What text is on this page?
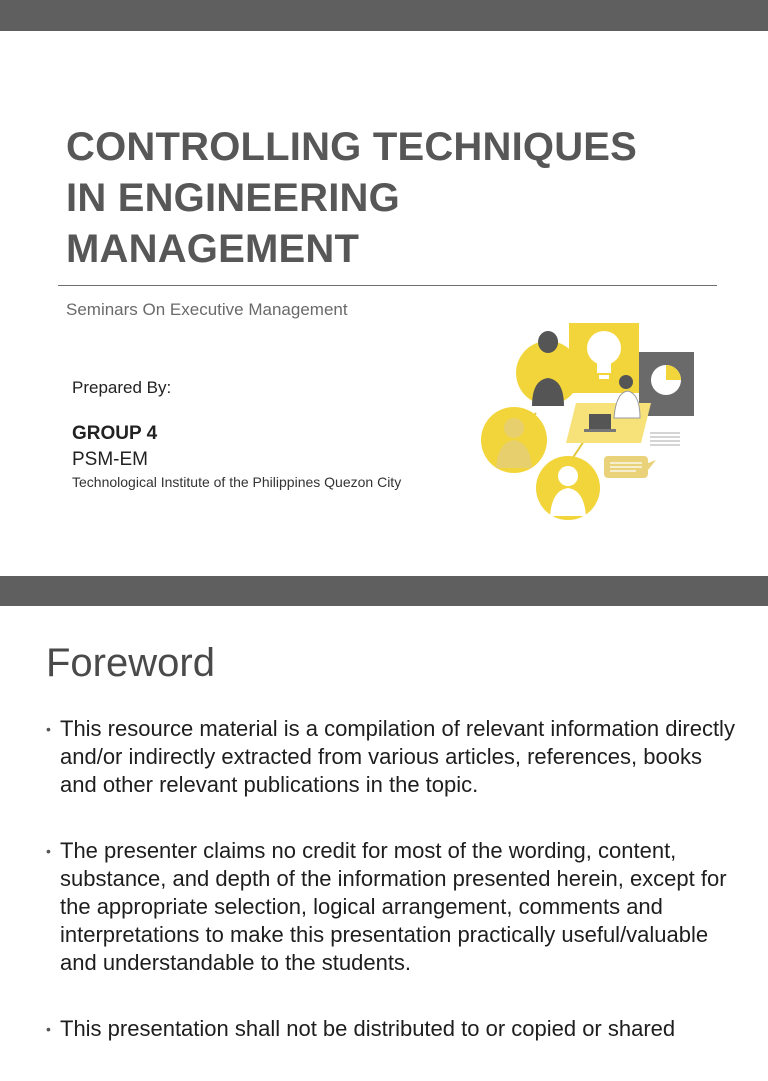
CONTROLLING TECHNIQUES
IN ENGINEERING
MANAGEMENT
Seminars On Executive Management
Prepared By:
GROUP 4
PSM-EM
Technological Institute of the Philippines Quezon City
Foreword
• This resource material is a compilation of relevant information directly and/or indirectly extracted from various articles, references, books and other relevant publications in the topic.
• The presenter claims no credit for most of the wording, content, substance, and depth of the information presented herein, except for the appropriate selection, logical arrangement, comments and interpretations to make this presentation practically useful/valuable and understandable to the students.
• This presentation shall not be distributed to or copied or shared
